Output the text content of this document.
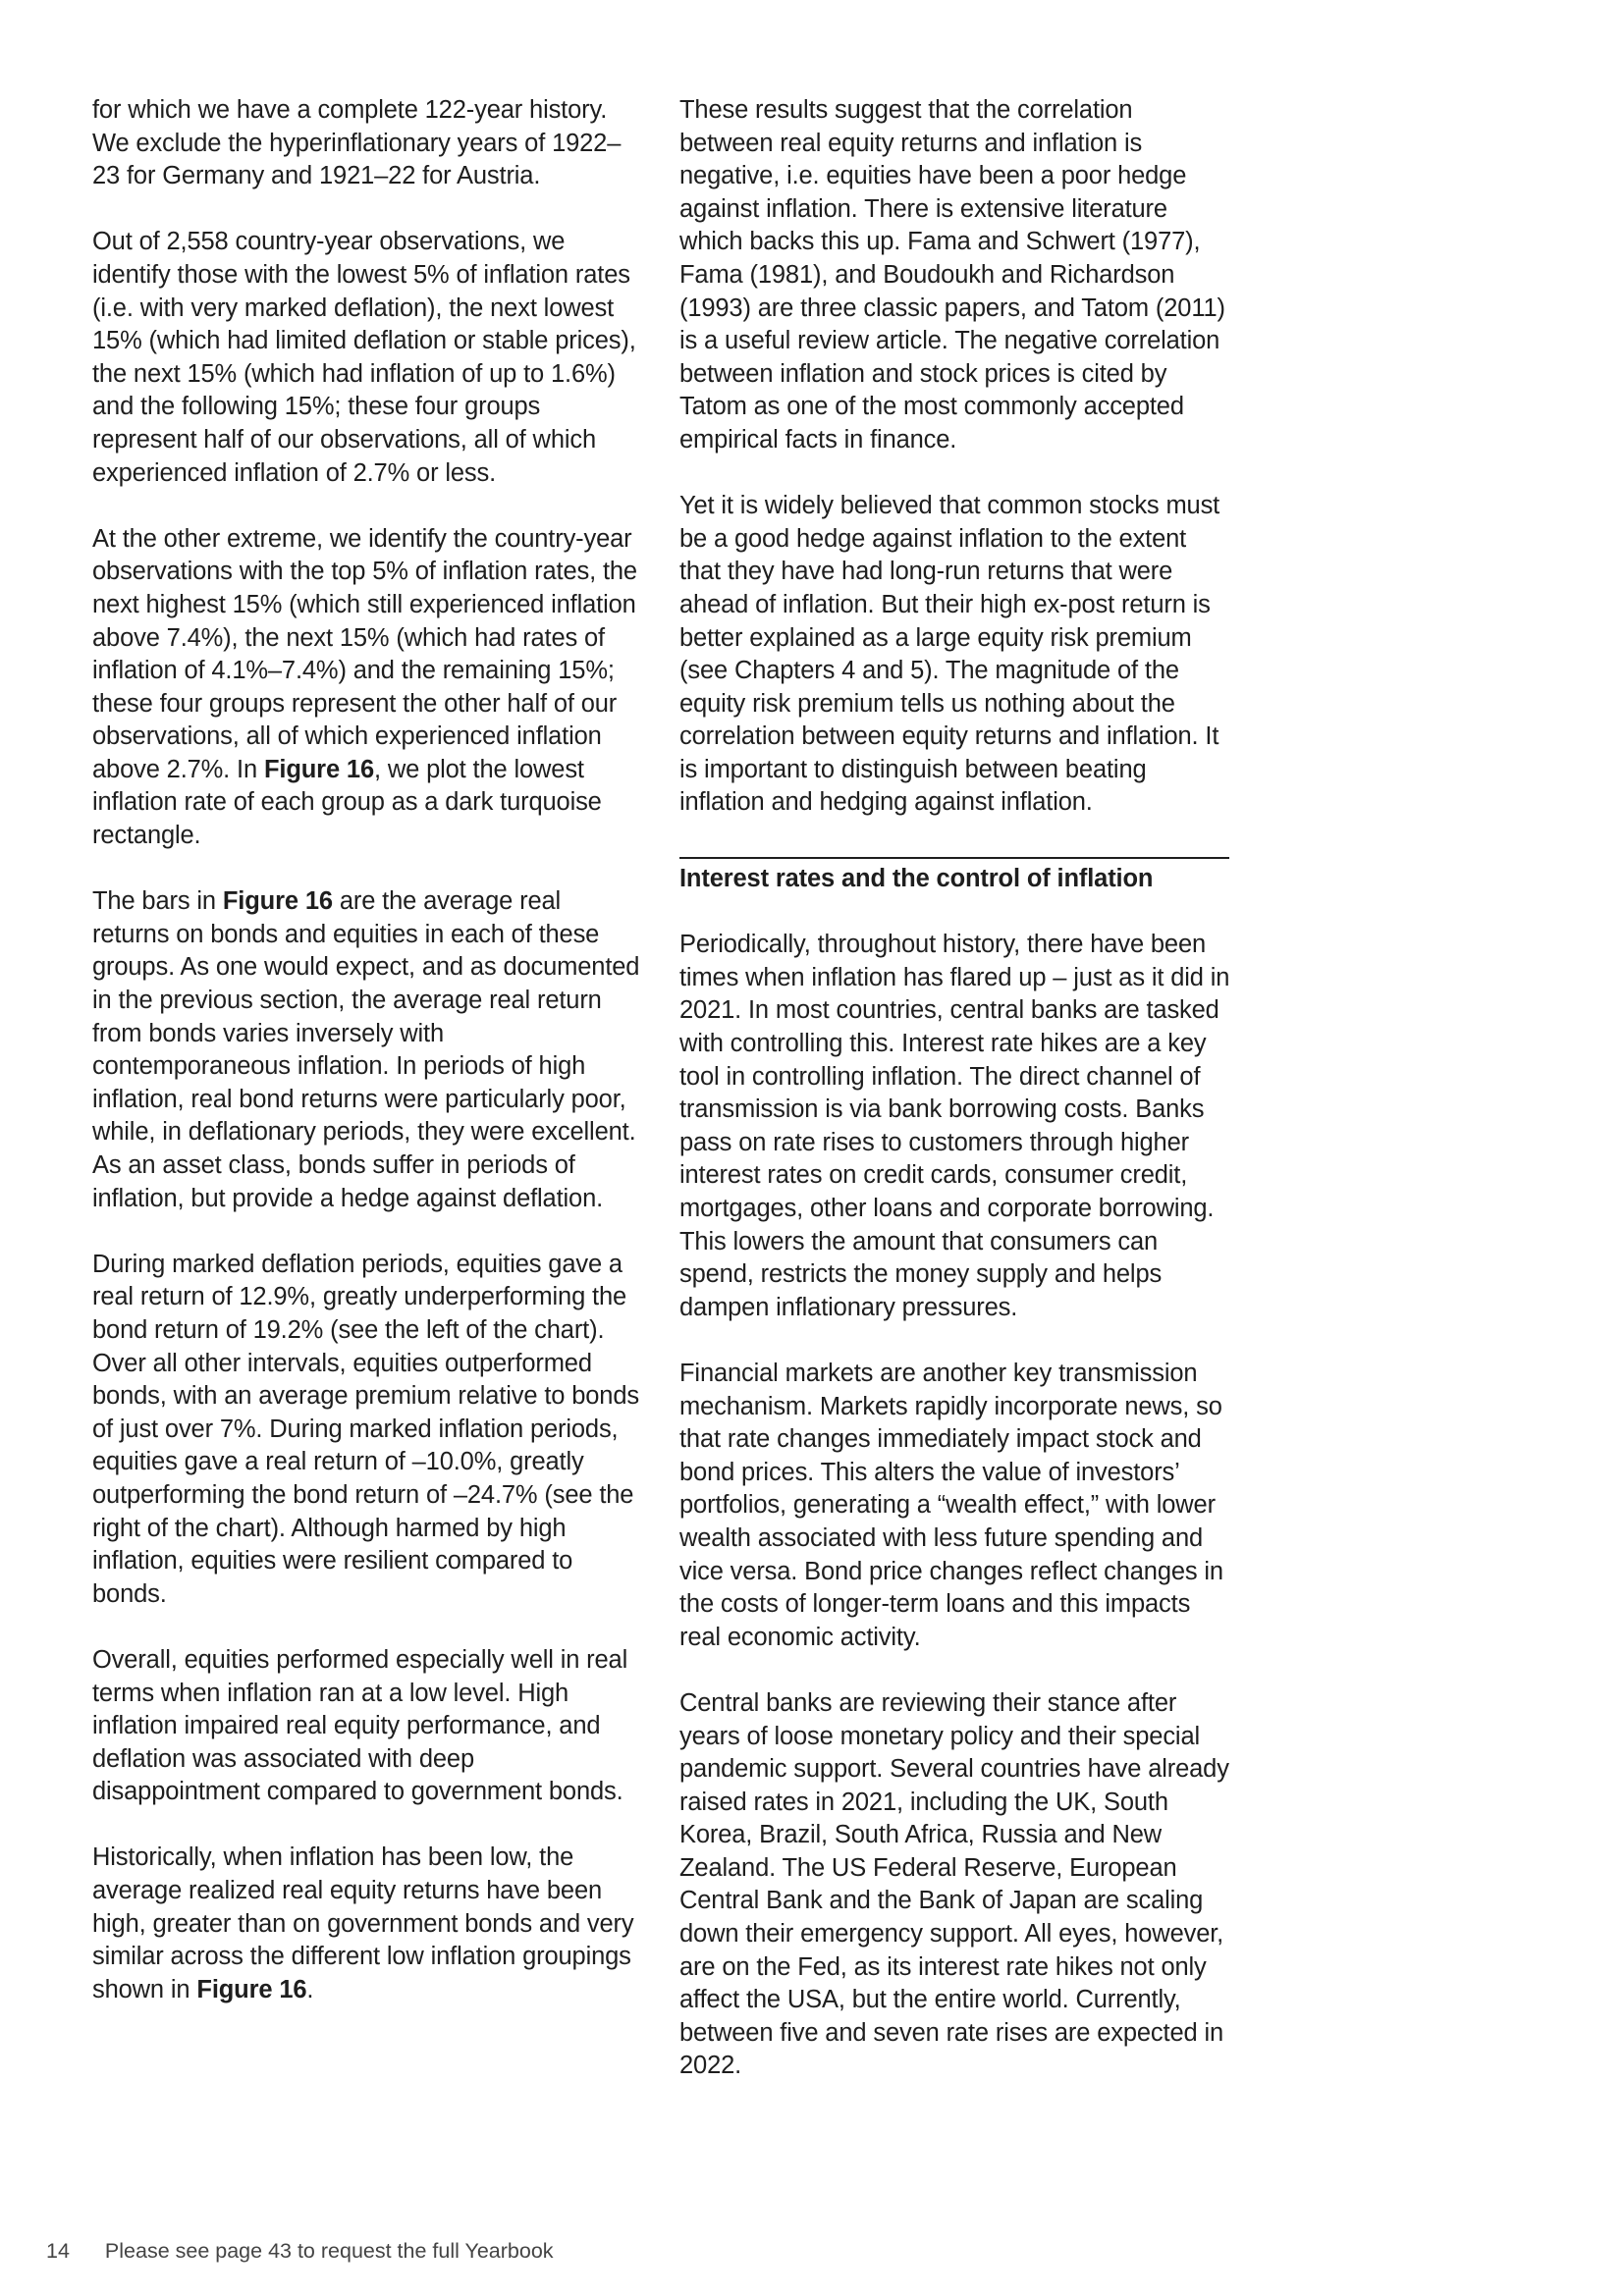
for which we have a complete 122-year history. We exclude the hyperinflationary years of 1922–23 for Germany and 1921–22 for Austria.

Out of 2,558 country-year observations, we identify those with the lowest 5% of inflation rates (i.e. with very marked deflation), the next lowest 15% (which had limited deflation or stable prices), the next 15% (which had inflation of up to 1.6%) and the following 15%; these four groups represent half of our observations, all of which experienced inflation of 2.7% or less.

At the other extreme, we identify the country-year observations with the top 5% of inflation rates, the next highest 15% (which still experienced inflation above 7.4%), the next 15% (which had rates of inflation of 4.1%–7.4%) and the remaining 15%; these four groups represent the other half of our observations, all of which experienced inflation above 2.7%. In Figure 16, we plot the lowest inflation rate of each group as a dark turquoise rectangle.

The bars in Figure 16 are the average real returns on bonds and equities in each of these groups. As one would expect, and as documented in the previous section, the average real return from bonds varies inversely with contemporaneous inflation. In periods of high inflation, real bond returns were particularly poor, while, in deflationary periods, they were excellent. As an asset class, bonds suffer in periods of inflation, but provide a hedge against deflation.

During marked deflation periods, equities gave a real return of 12.9%, greatly underperforming the bond return of 19.2% (see the left of the chart). Over all other intervals, equities outperformed bonds, with an average premium relative to bonds of just over 7%. During marked inflation periods, equities gave a real return of –10.0%, greatly outperforming the bond return of –24.7% (see the right of the chart). Although harmed by high inflation, equities were resilient compared to bonds.

Overall, equities performed especially well in real terms when inflation ran at a low level. High inflation impaired real equity performance, and deflation was associated with deep disappointment compared to government bonds.

Historically, when inflation has been low, the average realized real equity returns have been high, greater than on government bonds and very similar across the different low inflation groupings shown in Figure 16.

These results suggest that the correlation between real equity returns and inflation is negative, i.e. equities have been a poor hedge against inflation. There is extensive literature which backs this up. Fama and Schwert (1977), Fama (1981), and Boudoukh and Richardson (1993) are three classic papers, and Tatom (2011) is a useful review article. The negative correlation between inflation and stock prices is cited by Tatom as one of the most commonly accepted empirical facts in finance.

Yet it is widely believed that common stocks must be a good hedge against inflation to the extent that they have had long-run returns that were ahead of inflation. But their high ex-post return is better explained as a large equity risk premium (see Chapters 4 and 5). The magnitude of the equity risk premium tells us nothing about the correlation between equity returns and inflation. It is important to distinguish between beating inflation and hedging against inflation.

Interest rates and the control of inflation

Periodically, throughout history, there have been times when inflation has flared up – just as it did in 2021. In most countries, central banks are tasked with controlling this. Interest rate hikes are a key tool in controlling inflation. The direct channel of transmission is via bank borrowing costs. Banks pass on rate rises to customers through higher interest rates on credit cards, consumer credit, mortgages, other loans and corporate borrowing. This lowers the amount that consumers can spend, restricts the money supply and helps dampen inflationary pressures.

Financial markets are another key transmission mechanism. Markets rapidly incorporate news, so that rate changes immediately impact stock and bond prices. This alters the value of investors’ portfolios, generating a “wealth effect,” with lower wealth associated with less future spending and vice versa. Bond price changes reflect changes in the costs of longer-term loans and this impacts real economic activity.

Central banks are reviewing their stance after years of loose monetary policy and their special pandemic support. Several countries have already raised rates in 2021, including the UK, South Korea, Brazil, South Africa, Russia and New Zealand. The US Federal Reserve, European Central Bank and the Bank of Japan are scaling down their emergency support. All eyes, however, are on the Fed, as its interest rate hikes not only affect the USA, but the entire world. Currently, between five and seven rate rises are expected in 2022.

14 Please see page 43 to request the full Yearbook
